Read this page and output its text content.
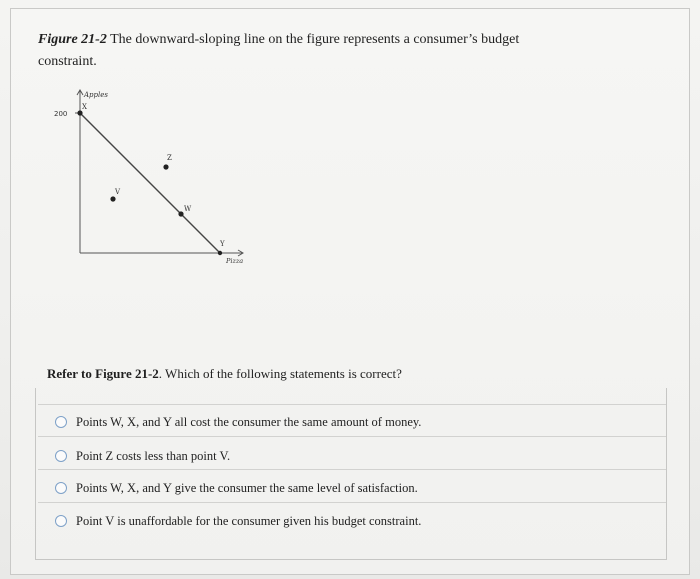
Figure 21-2 The downward-sloping line on the figure represents a consumer’s budget
constraint.
200
Apples
Pizza
X
Z
V
W
Y
Refer to Figure 21-2. Which of the following statements is correct?
Points W, X, and Y all cost the consumer the same amount of money.
Point Z costs less than point V.
Points W, X, and Y give the consumer the same level of satisfaction.
Point V is unaffordable for the consumer given his budget constraint.
